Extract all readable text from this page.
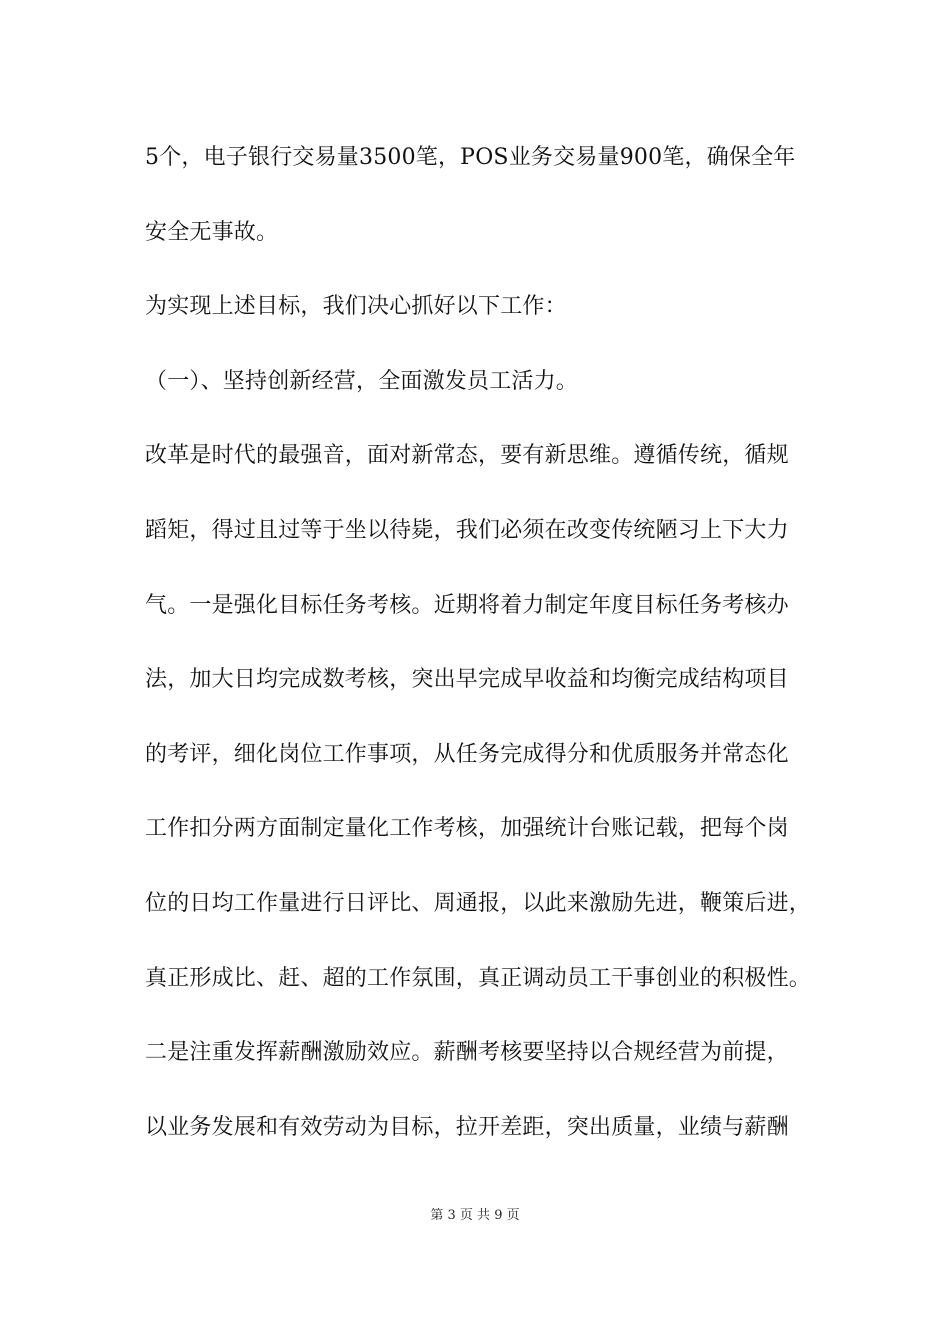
5个，电子银行交易量3500笔，POS业务交易量900笔，确保全年
安全无事故。
为实现上述目标，我们决心抓好以下工作：
（一）、坚持创新经营，全面激发员工活力。
改革是时代的最强音，面对新常态，要有新思维。遵循传统，循规
蹈矩，得过且过等于坐以待毙，我们必须在改变传统陋习上下大力
气。一是强化目标任务考核。近期将着力制定年度目标任务考核办
法，加大日均完成数考核，突出早完成早收益和均衡完成结构项目
的考评，细化岗位工作事项，从任务完成得分和优质服务并常态化
工作扣分两方面制定量化工作考核，加强统计台账记载，把每个岗
位的日均工作量进行日评比、周通报，以此来激励先进，鞭策后进，
真正形成比、赶、超的工作氛围，真正调动员工干事创业的积极性。
二是注重发挥薪酬激励效应。薪酬考核要坚持以合规经营为前提，
以业务发展和有效劳动为目标，拉开差距，突出质量，业绩与薪酬
第 3 页 共 9 页
